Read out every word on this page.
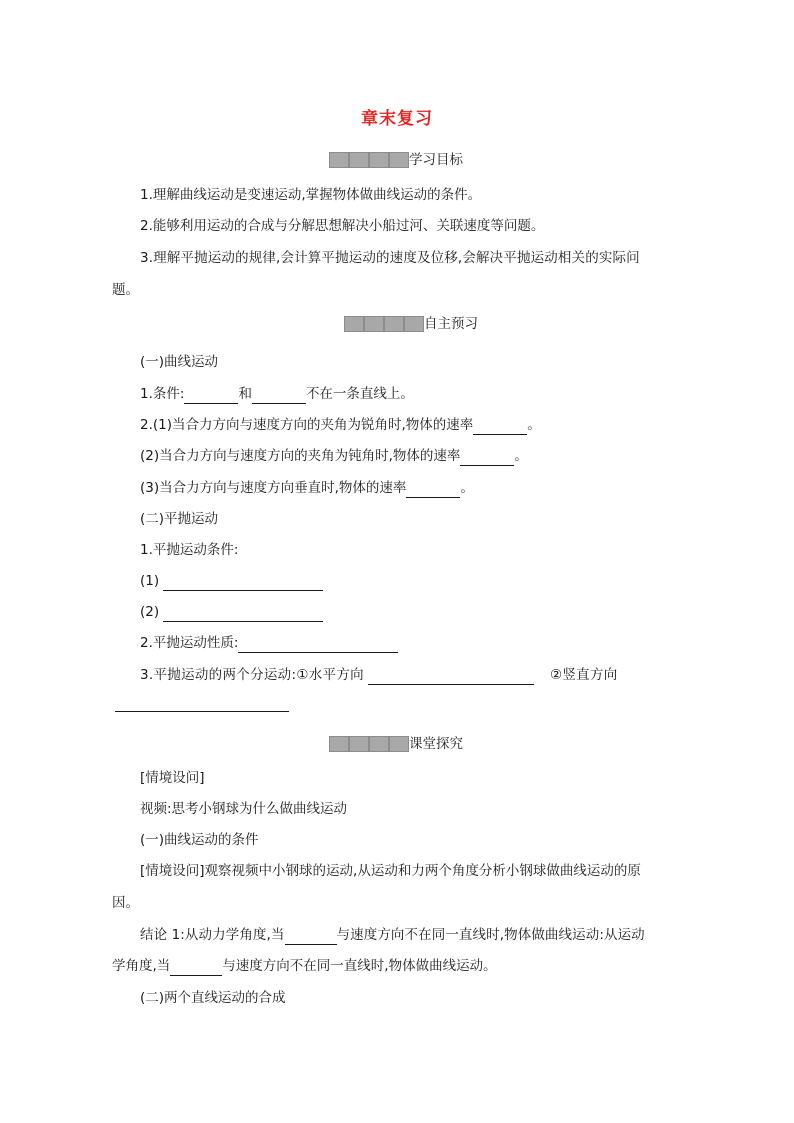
章末复习
学习目标
1.理解曲线运动是变速运动,掌握物体做曲线运动的条件。
2.能够利用运动的合成与分解思想解决小船过河、关联速度等问题。
3.理解平抛运动的规律,会计算平抛运动的速度及位移,会解决平抛运动相关的实际问
题。
自主预习
(一)曲线运动
1.条件:	和	不在一条直线上。
2.(1)当合力方向与速度方向的夹角为锐角时,物体的速率	。
(2)当合力方向与速度方向的夹角为钝角时,物体的速率	。
(3)当合力方向与速度方向垂直时,物体的速率	。
(二)平抛运动
1.平抛运动条件:
(1)
(2)
2.平抛运动性质:
3.平抛运动的两个分运动:①水平方向	②竖直方向
课堂探究
[情境设问]
视频:思考小钢球为什么做曲线运动
(一)曲线运动的条件
[情境设问]观察视频中小钢球的运动,从运动和力两个角度分析小钢球做曲线运动的原
因。
结论 1:从动力学角度,当	与速度方向不在同一直线时,物体做曲线运动:从运动
学角度,当	与速度方向不在同一直线时,物体做曲线运动。
(二)两个直线运动的合成
